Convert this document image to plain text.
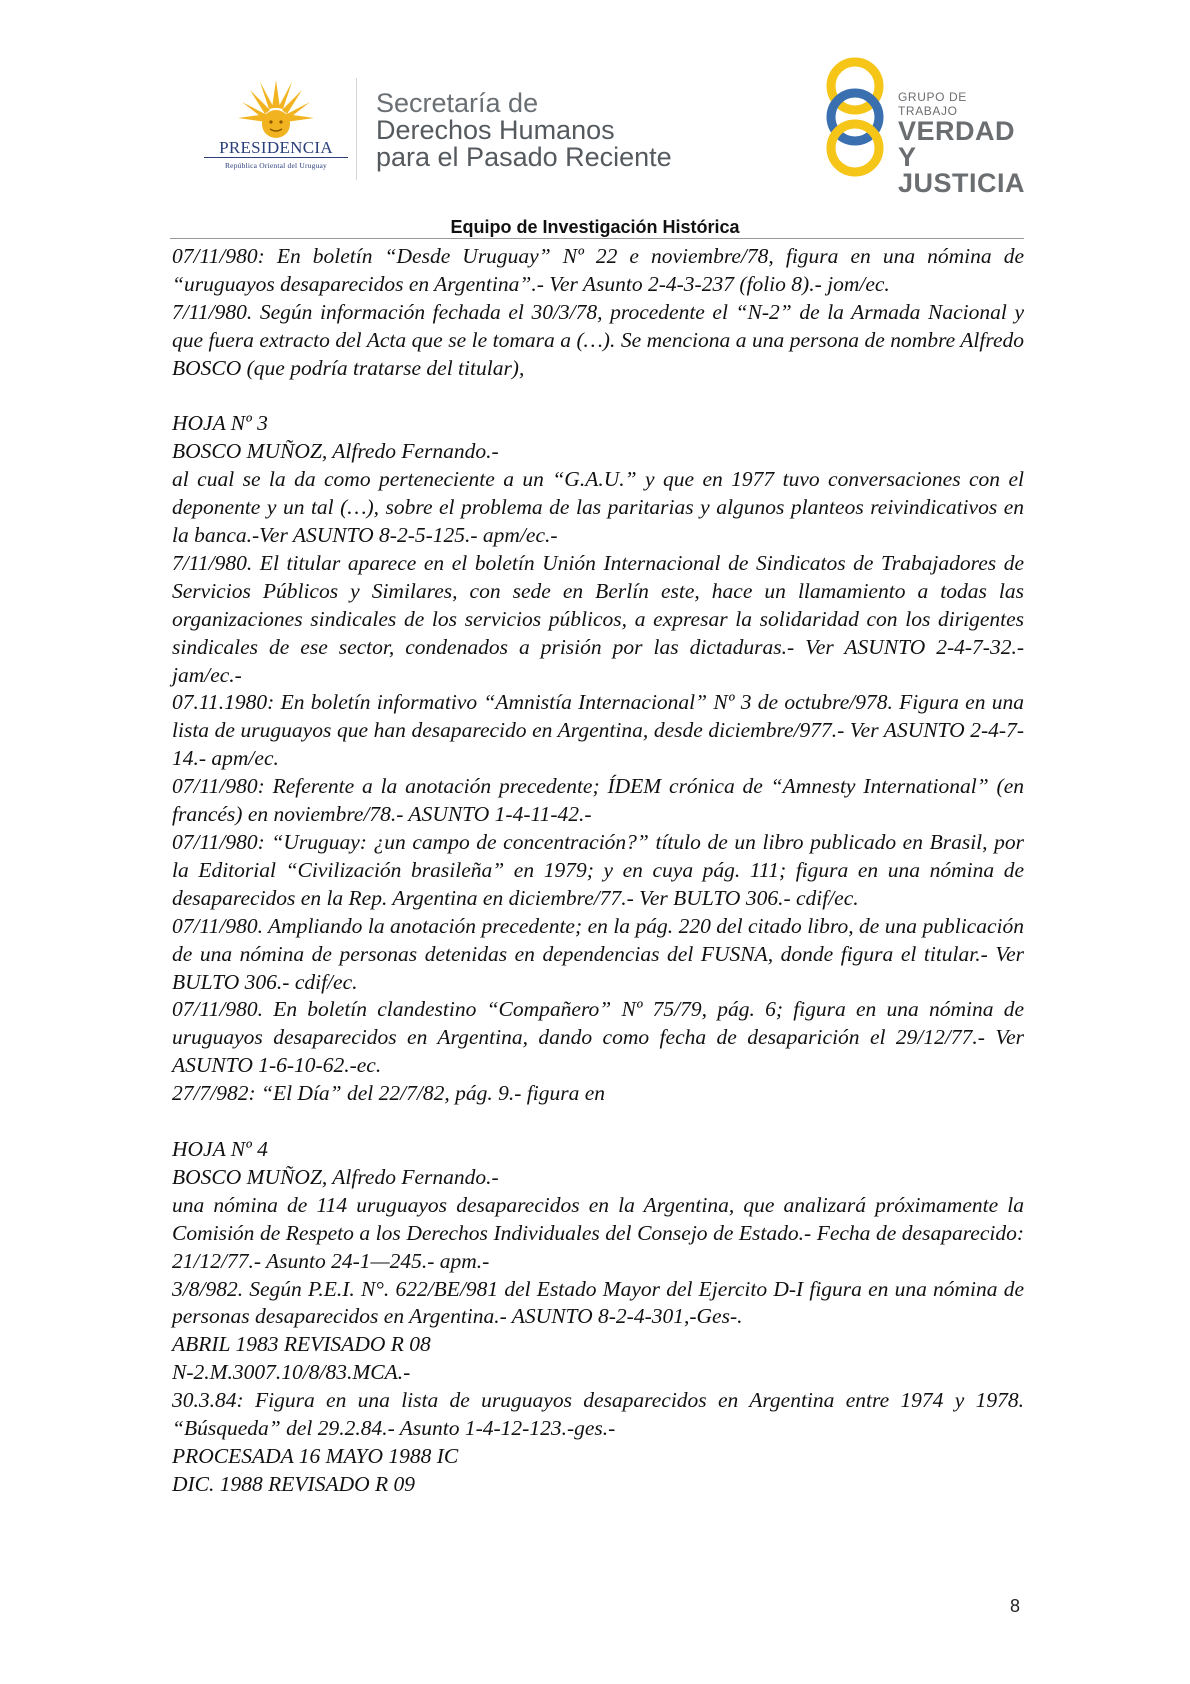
PRESIDENCIA
República Oriental del Uruguay
Secretaría de
Derechos Humanos
para el Pasado Reciente
GRUPO DE TRABAJO
VERDAD Y
JUSTICIA
Equipo de Investigación Histórica

07/11/980: En boletín “Desde Uruguay” Nº 22 e noviembre/78, figura en una nómina de “uruguayos desaparecidos en Argentina”.- Ver Asunto 2-4-3-237 (folio 8).- jom/ec.

7/11/980. Según información fechada el 30/3/78, procedente el “N-2” de la Armada Nacional y que fuera extracto del Acta que se le tomara a (…). Se menciona a una persona de nombre Alfredo BOSCO (que podría tratarse del titular),

HOJA Nº 3

BOSCO MUÑOZ, Alfredo Fernando.-

al cual se la da como perteneciente a un “G.A.U.” y que en 1977 tuvo conversaciones con el deponente y un tal (…), sobre el problema de las paritarias y algunos planteos reivindicativos en la banca.-Ver ASUNTO 8-2-5-125.- apm/ec.-

7/11/980. El titular aparece en el boletín Unión Internacional de Sindicatos de Trabajadores de Servicios Públicos y Similares, con sede en Berlín este, hace un llamamiento a todas las organizaciones sindicales de los servicios públicos, a expresar la solidaridad con los dirigentes sindicales de ese sector, condenados a prisión por las dictaduras.- Ver ASUNTO 2-4-7-32.- jam/ec.-

07.11.1980: En boletín informativo “Amnistía Internacional” Nº 3 de octubre/978. Figura en una lista de uruguayos que han desaparecido en Argentina, desde diciembre/977.- Ver ASUNTO 2-4-7-14.- apm/ec.

07/11/980: Referente a la anotación precedente; ÍDEM crónica de “Amnesty International” (en francés) en noviembre/78.- ASUNTO 1-4-11-42.-

07/11/980: “Uruguay: ¿un campo de concentración?” título de un libro publicado en Brasil, por la Editorial “Civilización brasileña” en 1979; y en cuya pág. 111; figura en una nómina de desaparecidos en la Rep. Argentina en diciembre/77.- Ver BULTO 306.- cdif/ec.

07/11/980. Ampliando la anotación precedente; en la pág. 220 del citado libro, de una publicación de una nómina de personas detenidas en dependencias del FUSNA, donde figura el titular.- Ver BULTO 306.- cdif/ec.

07/11/980. En boletín clandestino “Compañero” Nº 75/79, pág. 6; figura en una nómina de uruguayos desaparecidos en Argentina, dando como fecha de desaparición el 29/12/77.- Ver ASUNTO 1-6-10-62.-ec.

27/7/982: “El Día” del 22/7/82, pág. 9.- figura en

HOJA Nº 4

BOSCO MUÑOZ, Alfredo Fernando.-

una nómina de 114 uruguayos desaparecidos en la Argentina, que analizará próximamente la Comisión de Respeto a los Derechos Individuales del Consejo de Estado.- Fecha de desaparecido: 21/12/77.- Asunto 24-1—245.- apm.-

3/8/982. Según P.E.I. N°. 622/BE/981 del Estado Mayor del Ejercito D-I figura en una nómina de personas desaparecidos en Argentina.- ASUNTO 8-2-4-301,-Ges-.

ABRIL 1983 REVISADO R 08

N-2.M.3007.10/8/83.MCA.-

30.3.84: Figura en una lista de uruguayos desaparecidos en Argentina entre 1974 y 1978. “Búsqueda” del 29.2.84.- Asunto 1-4-12-123.-ges.-

PROCESADA 16 MAYO 1988 IC

DIC. 1988 REVISADO R 09

8
